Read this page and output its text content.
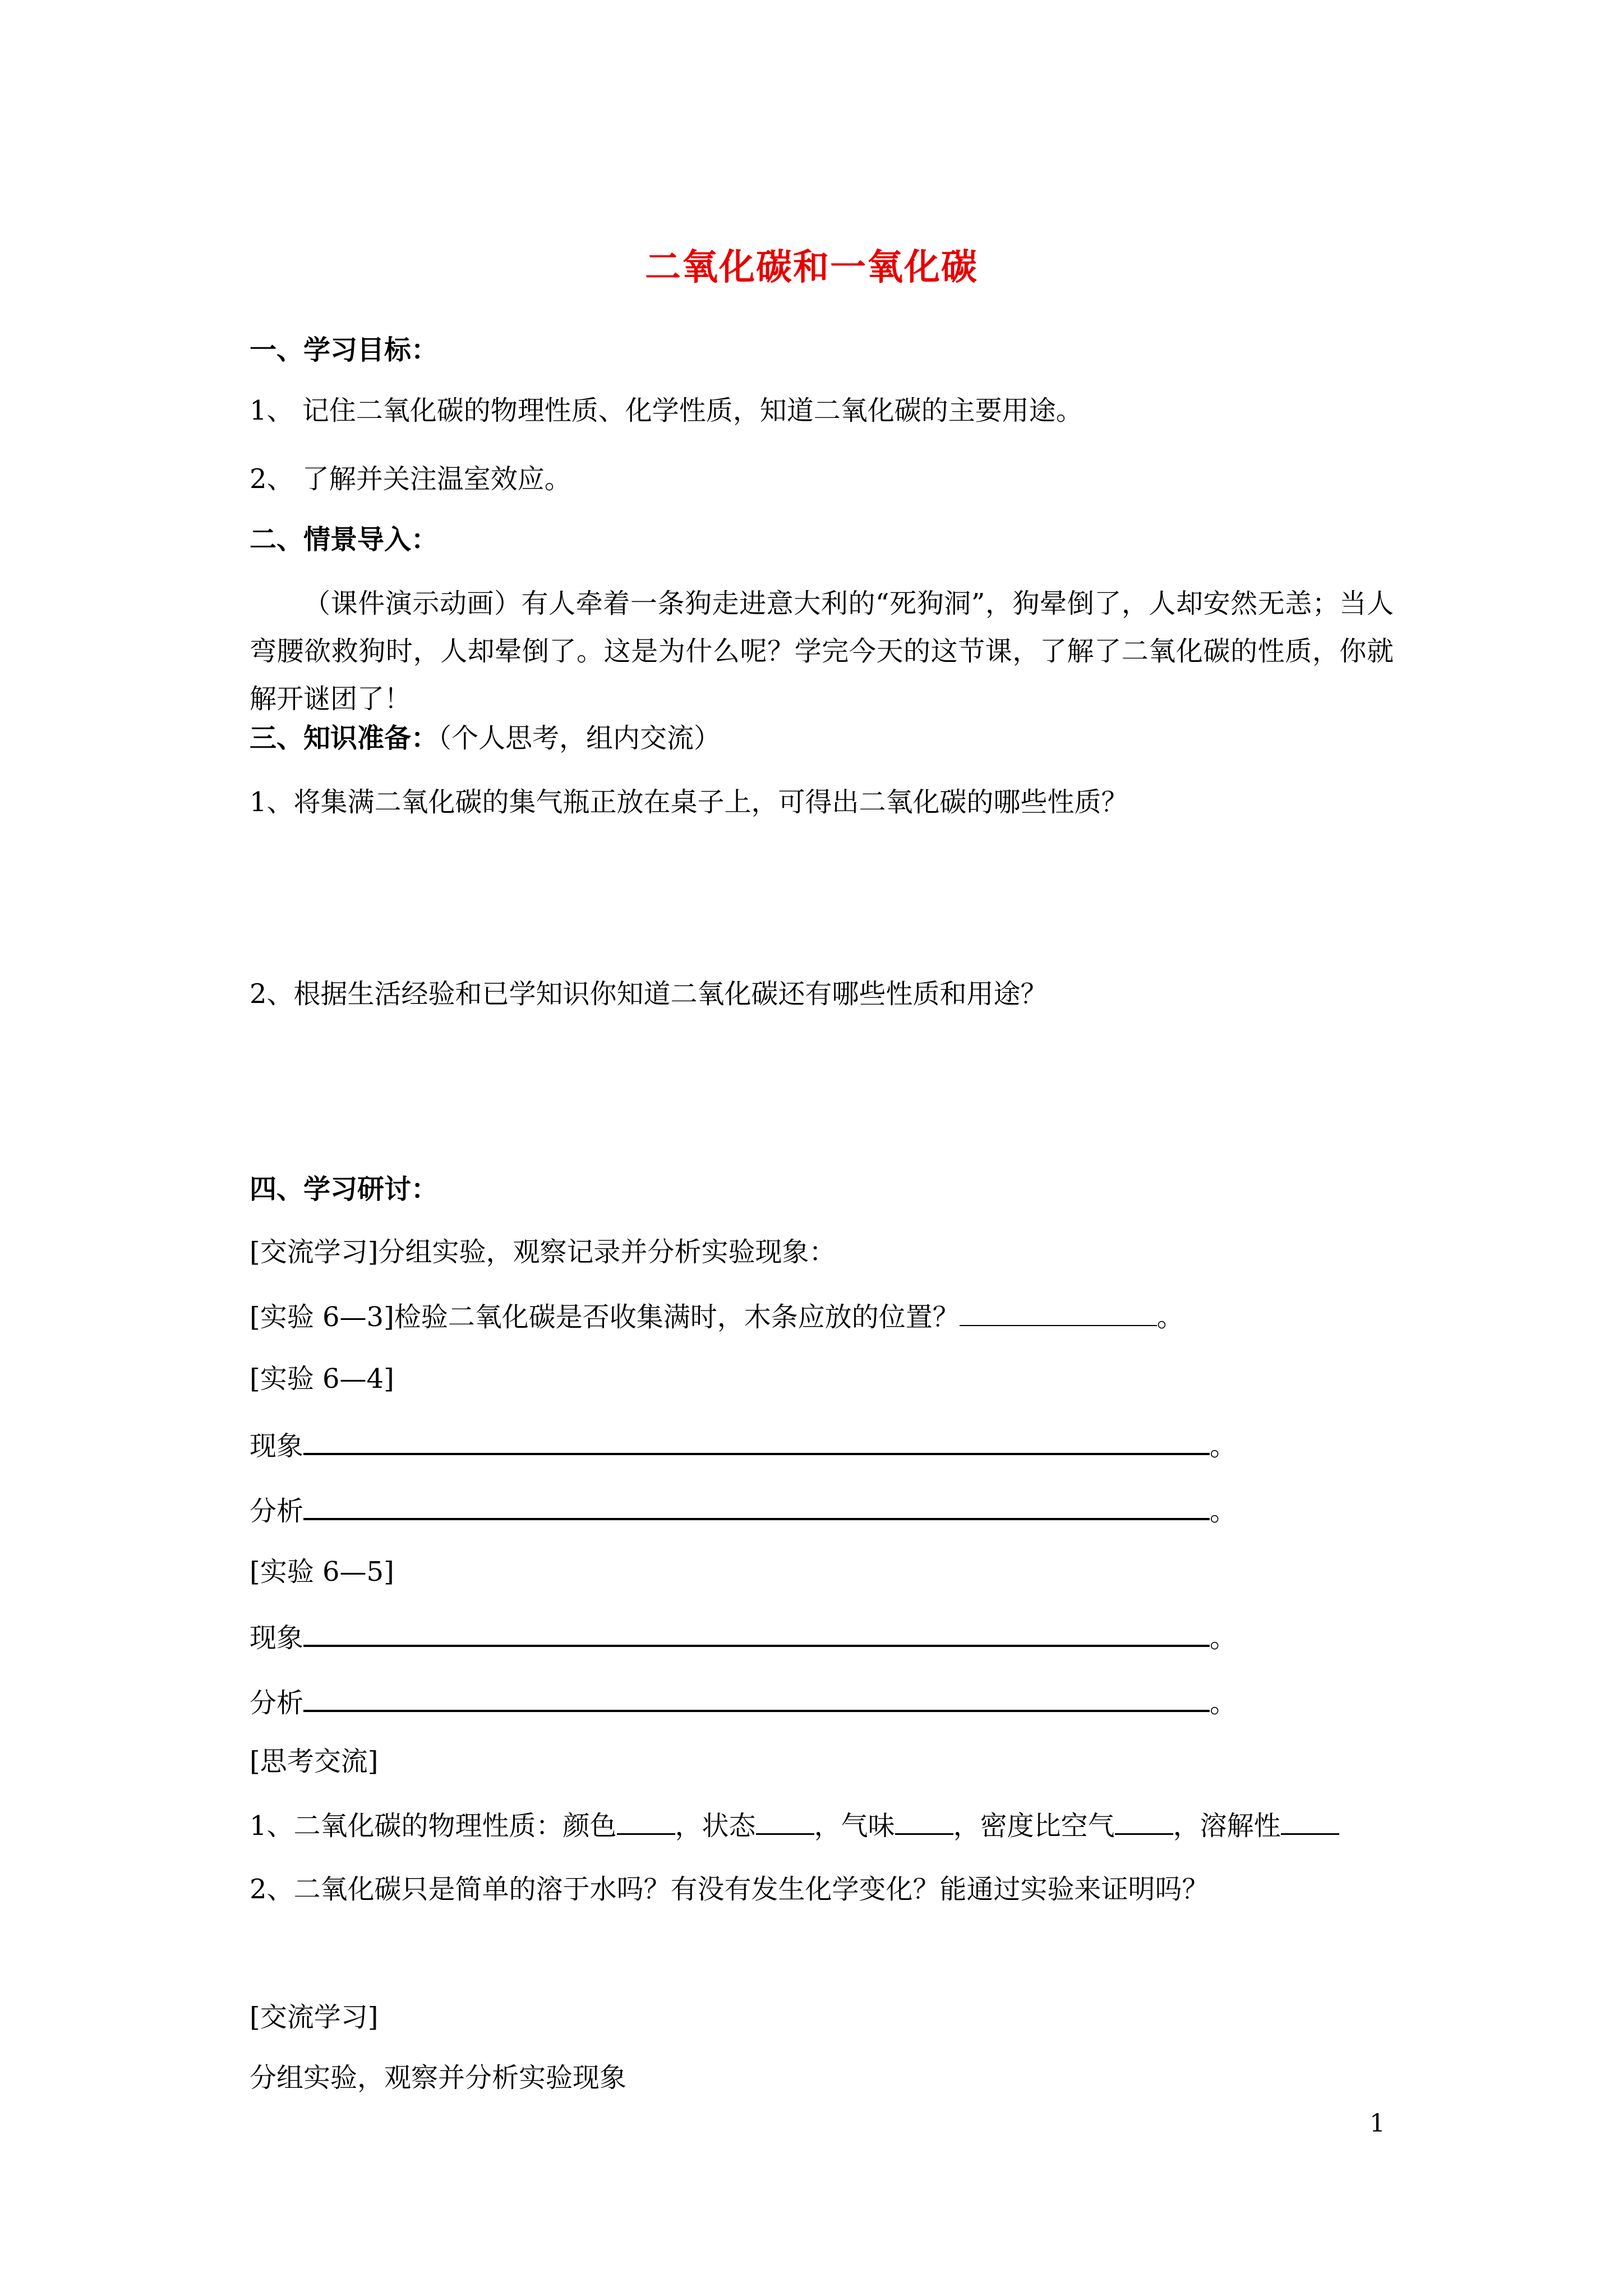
二氧化碳和一氧化碳
一、学习目标：
1、 记住二氧化碳的物理性质、化学性质，知道二氧化碳的主要用途。
2、 了解并关注温室效应。
二、情景导入：
（课件演示动画）有人牵着一条狗走进意大利的“死狗洞”，狗晕倒了，人却安然无恙；当人弯腰欲救狗时，人却晕倒了。这是为什么呢？学完今天的这节课，了解了二氧化碳的性质，你就解开谜团了！
三、知识准备：（个人思考，组内交流）
1、将集满二氧化碳的集气瓶正放在桌子上，可得出二氧化碳的哪些性质？
2、根据生活经验和已学知识你知道二氧化碳还有哪些性质和用途？
四、学习研讨：
[交流学习]分组实验，观察记录并分析实验现象：
[实验 6—3]检验二氧化碳是否收集满时，木条应放的位置？	。
[实验 6—4]
现象	。
分析	。
[实验 6—5]
现象	。
分析	。
[思考交流]
1、二氧化碳的物理性质：颜色 ，状态 ，气味 ，密度比空气 ，溶解性
2、二氧化碳只是简单的溶于水吗？有没有发生化学变化？能通过实验来证明吗？
[交流学习]
分组实验，观察并分析实验现象
1
